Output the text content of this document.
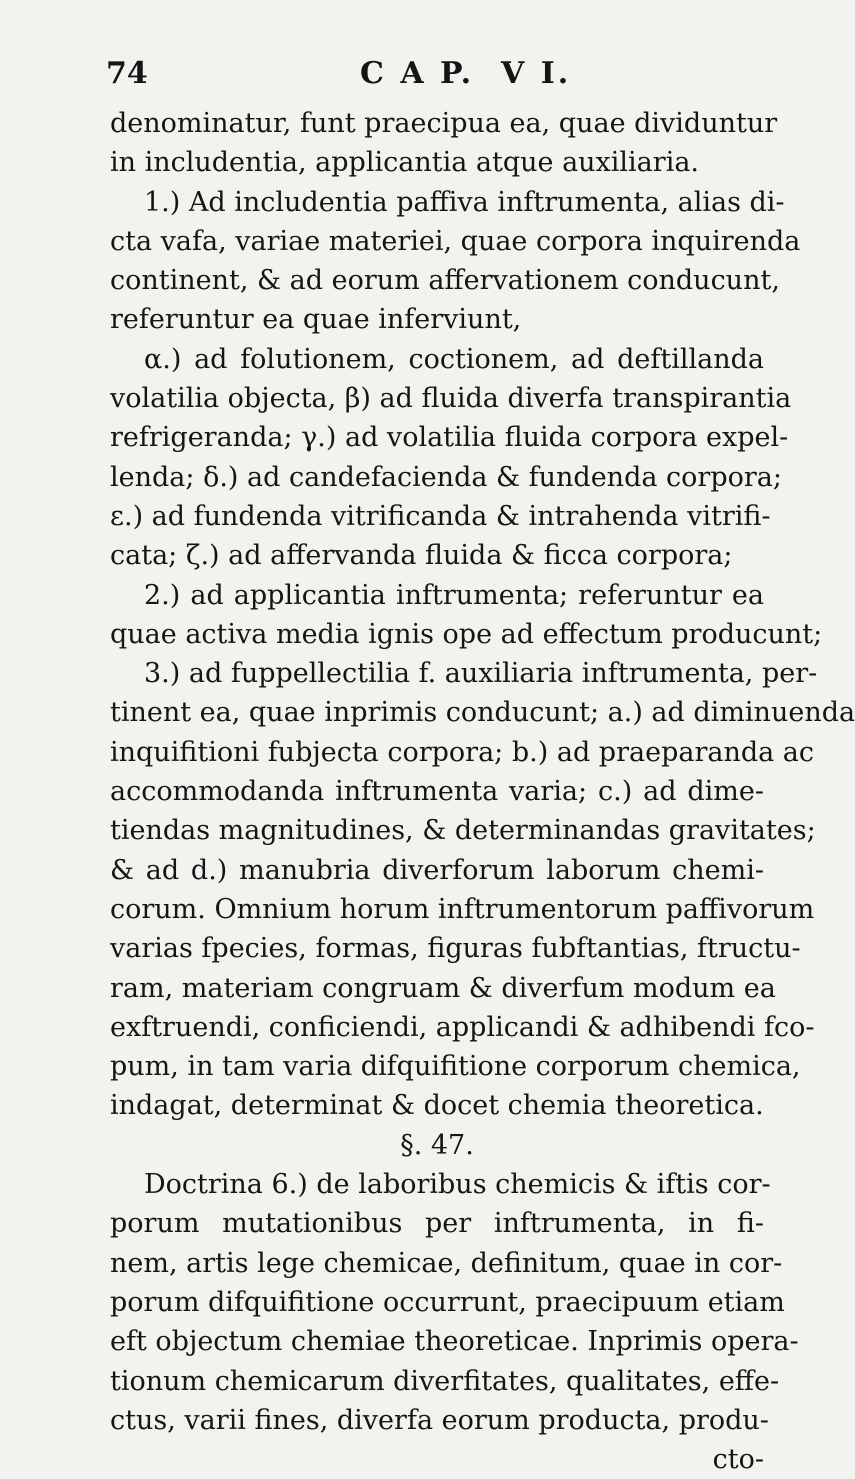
74	C A P.  V I.
denominatur, funt praecipua ea, quae dividuntur
in includentia, applicantia atque auxiliaria.
1.) Ad includentia paffiva inftrumenta, alias di-
cta vafa, variae materiei, quae corpora inquirenda
continent, & ad eorum affervationem conducunt,
referuntur ea quae inferviunt,
α.) ad folutionem, coctionem, ad deftillanda
volatilia objecta, β) ad fluida diverfa transpirantia
refrigeranda; γ.) ad volatilia fluida corpora expel-
lenda; δ.) ad candefacienda & fundenda corpora;
ε.) ad fundenda vitrificanda & intrahenda vitrifi-
cata; ζ.) ad affervanda fluida & ficca corpora;
2.) ad applicantia inftrumenta; referuntur ea
quae activa media ignis ope ad effectum producunt;
3.) ad fuppellectilia f. auxiliaria inftrumenta, per-
tinent ea, quae inprimis conducunt; a.) ad diminuenda
inquifitioni fubjecta corpora; b.) ad praeparanda ac
accommodanda inftrumenta varia; c.) ad dime-
tiendas magnitudines, & determinandas gravitates;
& ad d.) manubria diverforum laborum chemi-
corum. Omnium horum inftrumentorum paffivorum
varias fpecies, formas, figuras fubftantias, ftructu-
ram, materiam congruam & diverfum modum ea
exftruendi, conficiendi, applicandi & adhibendi fco-
pum, in tam varia difquifitione corporum chemica,
indagat, determinat & docet chemia theoretica.
§. 47.
Doctrina 6.) de laboribus chemicis & iftis cor-
porum mutationibus per inftrumenta, in fi-
nem, artis lege chemicae, definitum, quae in cor-
porum difquifitione occurrunt, praecipuum etiam
eft objectum chemiae theoreticae. Inprimis opera-
tionum chemicarum diverfitates, qualitates, effe-
ctus, varii fines, diverfa eorum producta, produ-
cto-
